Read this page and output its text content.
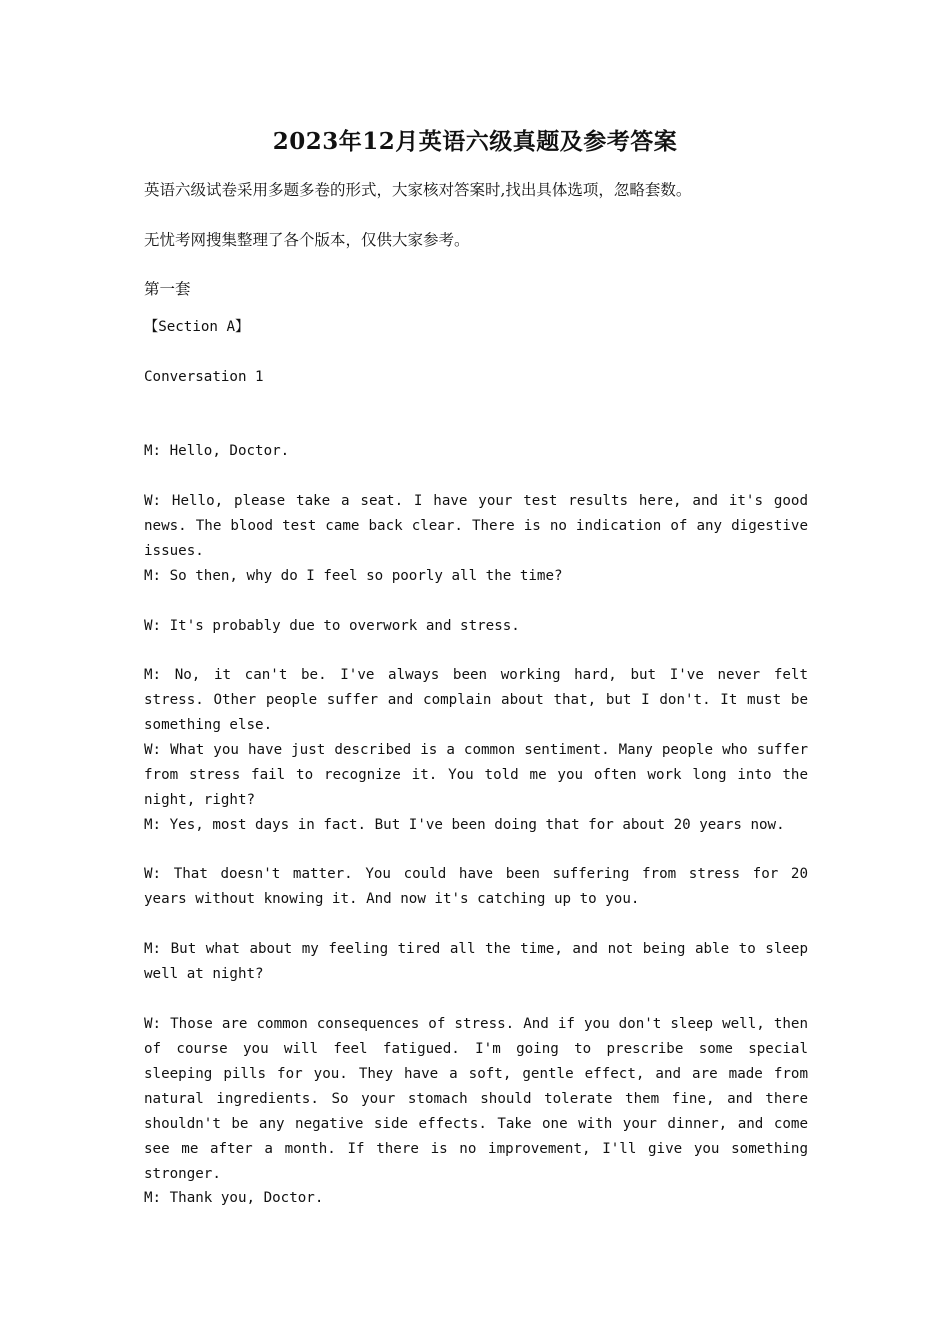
2023年12月英语六级真题及参考答案

英语六级试卷采用多题多卷的形式，大家核对答案时,找出具体选项，忽略套数。

无忧考网搜集整理了各个版本，仅供大家参考。

第一套

【Section A】

Conversation 1

M: Hello, Doctor.

W: Hello, please take a seat. I have your test results here, and it's good news. The blood test came back clear. There is no indication of any digestive issues.

M: So then, why do I feel so poorly all the time?

W: It's probably due to overwork and stress.

M: No, it can't be. I've always been working hard, but I've never felt stress. Other people suffer and complain about that, but I don't. It must be something else.

W: What you have just described is a common sentiment. Many people who suffer from stress fail to recognize it. You told me you often work long into the night, right?

M: Yes, most days in fact. But I've been doing that for about 20 years now.

W: That doesn't matter. You could have been suffering from stress for 20 years without knowing it. And now it's catching up to you.

M: But what about my feeling tired all the time, and not being able to sleep well at night?

W: Those are common consequences of stress. And if you don't sleep well, then of course you will feel fatigued. I'm going to prescribe some special sleeping pills for you. They have a soft, gentle effect, and are made from natural ingredients. So your stomach should tolerate them fine, and there shouldn't be any negative side effects. Take one with your dinner, and come see me after a month. If there is no improvement, I'll give you something stronger.

M: Thank you, Doctor.
